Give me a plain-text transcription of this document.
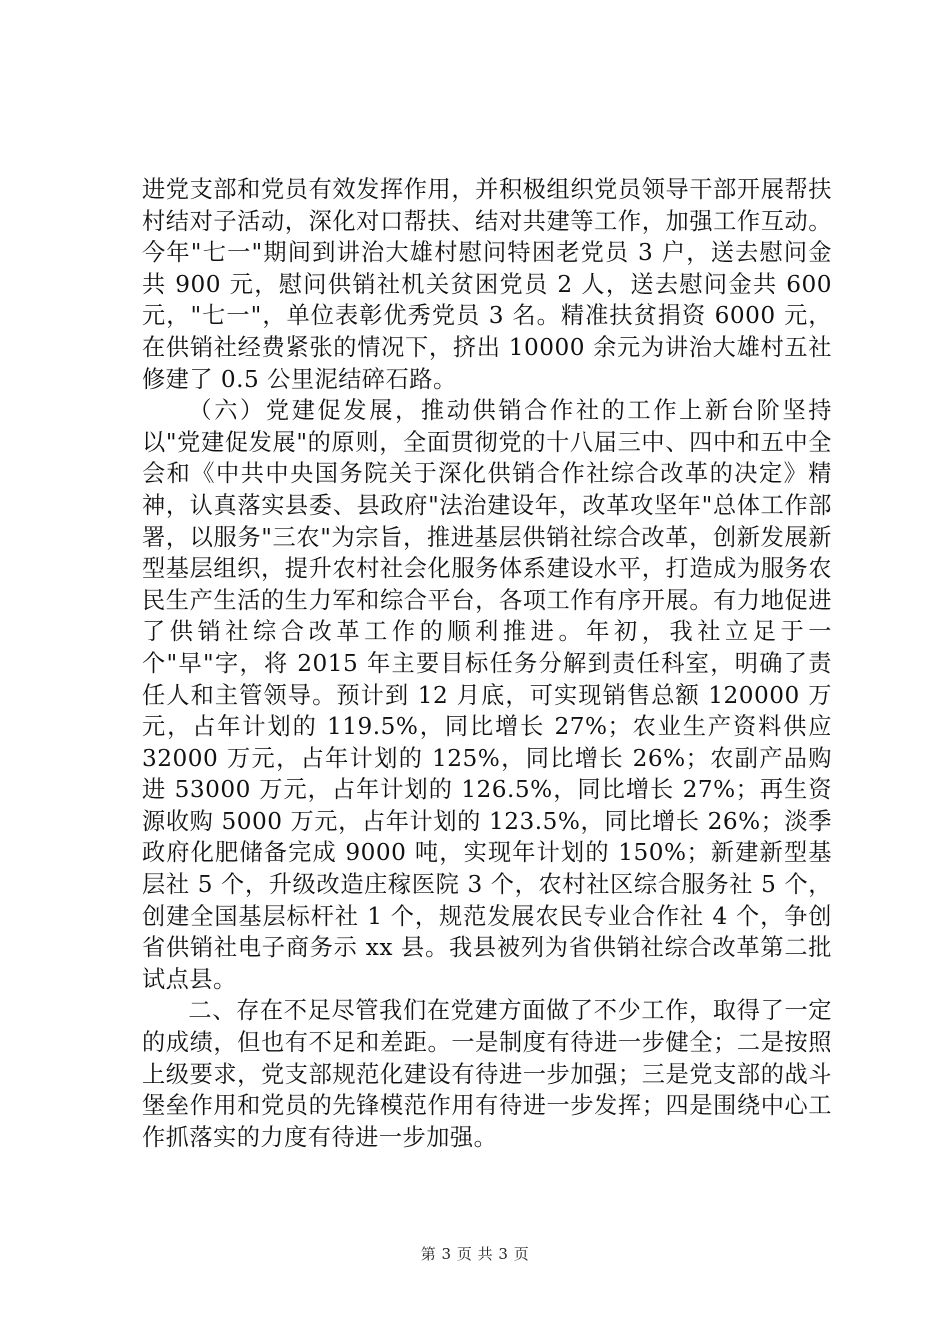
进党支部和党员有效发挥作用，并积极组织党员领导干部开展帮扶村结对子活动，深化对口帮扶、结对共建等工作，加强工作互动。今年"七一"期间到讲治大雄村慰问特困老党员 3 户，送去慰问金共 900 元，慰问供销社机关贫困党员 2 人，送去慰问金共 600 元，"七一"，单位表彰优秀党员 3 名。精准扶贫捐资 6000 元，在供销社经费紧张的情况下，挤出 10000 余元为讲治大雄村五社修建了 0.5 公里泥结碎石路。

（六）党建促发展，推动供销合作社的工作上新台阶坚持以"党建促发展"的原则，全面贯彻党的十八届三中、四中和五中全会和《中共中央国务院关于深化供销合作社综合改革的决定》精神，认真落实县委、县政府"法治建设年，改革攻坚年"总体工作部署，以服务"三农"为宗旨，推进基层供销社综合改革，创新发展新型基层组织，提升农村社会化服务体系建设水平，打造成为服务农民生产生活的生力军和综合平台，各项工作有序开展。有力地促进了供销社综合改革工作的顺利推进。年初，我社立足于一个"早"字，将 2015 年主要目标任务分解到责任科室，明确了责任人和主管领导。预计到 12 月底，可实现销售总额 120000 万元，占年计划的 119.5%，同比增长 27%；农业生产资料供应 32000 万元，占年计划的 125%，同比增长 26%；农副产品购进 53000 万元，占年计划的 126.5%，同比增长 27%；再生资源收购 5000 万元，占年计划的 123.5%，同比增长 26%；淡季政府化肥储备完成 9000 吨，实现年计划的 150%；新建新型基层社 5 个，升级改造庄稼医院 3 个，农村社区综合服务社 5 个，创建全国基层标杆社 1 个，规范发展农民专业合作社 4 个，争创省供销社电子商务示 xx 县。我县被列为省供销社综合改革第二批试点县。

二、存在不足尽管我们在党建方面做了不少工作，取得了一定的成绩，但也有不足和差距。一是制度有待进一步健全；二是按照上级要求，党支部规范化建设有待进一步加强；三是党支部的战斗堡垒作用和党员的先锋模范作用有待进一步发挥；四是围绕中心工作抓落实的力度有待进一步加强。

第 3 页 共 3 页
